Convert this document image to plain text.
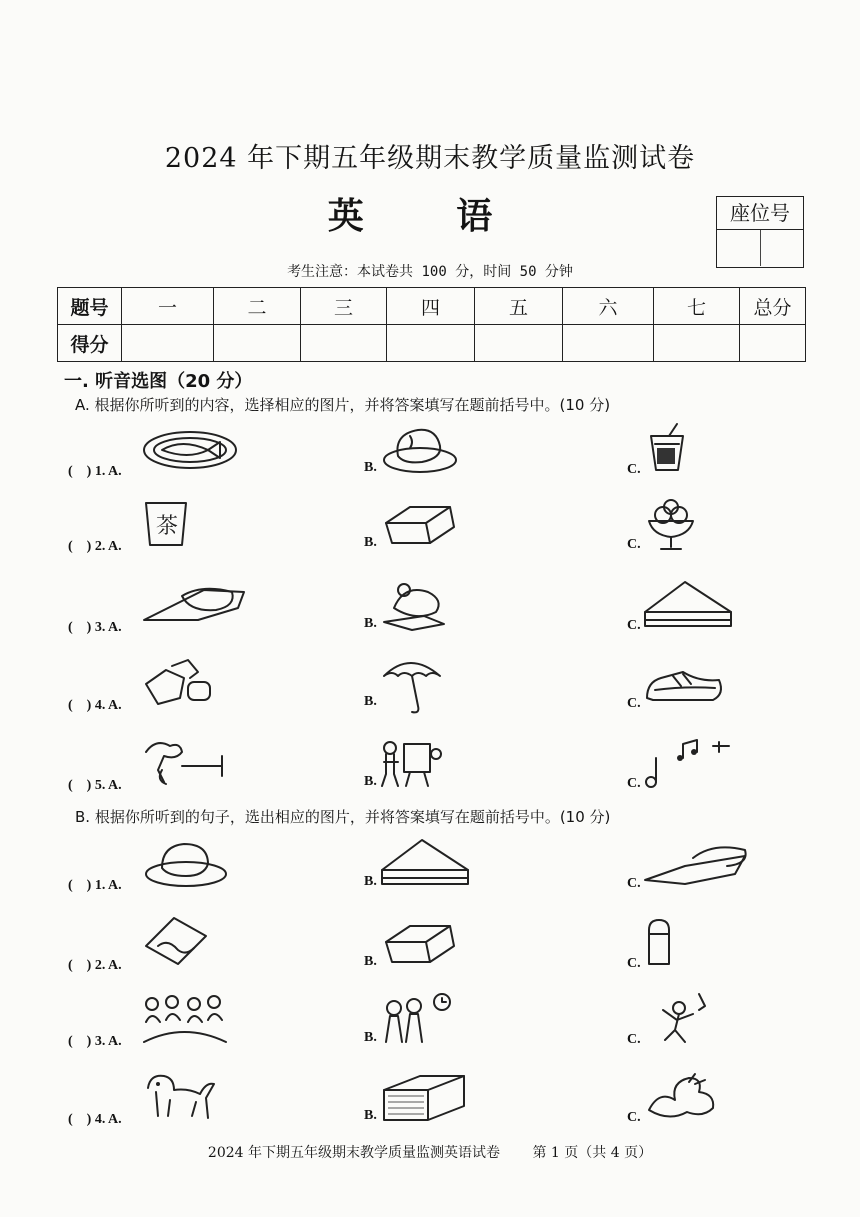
2024 年下期五年级期末教学质量监测试卷
英 语	座位号
考生注意：本试卷共 100 分，时间 50 分钟
题号	一	二	三	四	五	六	七	总分
得分								
一. 听音选图（20 分）
A. 根据你所听到的内容，选择相应的图片，并将答案填写在题前括号中。(10 分)
B. 根据你所听到的句子，选出相应的图片，并将答案填写在题前括号中。(10 分)
(　) 1. A.	B.	C.
(　) 2. A.
茶
B.	C.
(　) 3. A.	B.	C.
(　) 4. A.	B.	C.
(　) 5. A.	B.	C.
(　) 1. A.	B.	C.
(　) 2. A.	B.	C.
(　) 3. A.	B.	C.
(　) 4. A.	B.	C.
2024 年下期五年级期末教学质量监测英语试卷 第 1 页（共 4 页）
